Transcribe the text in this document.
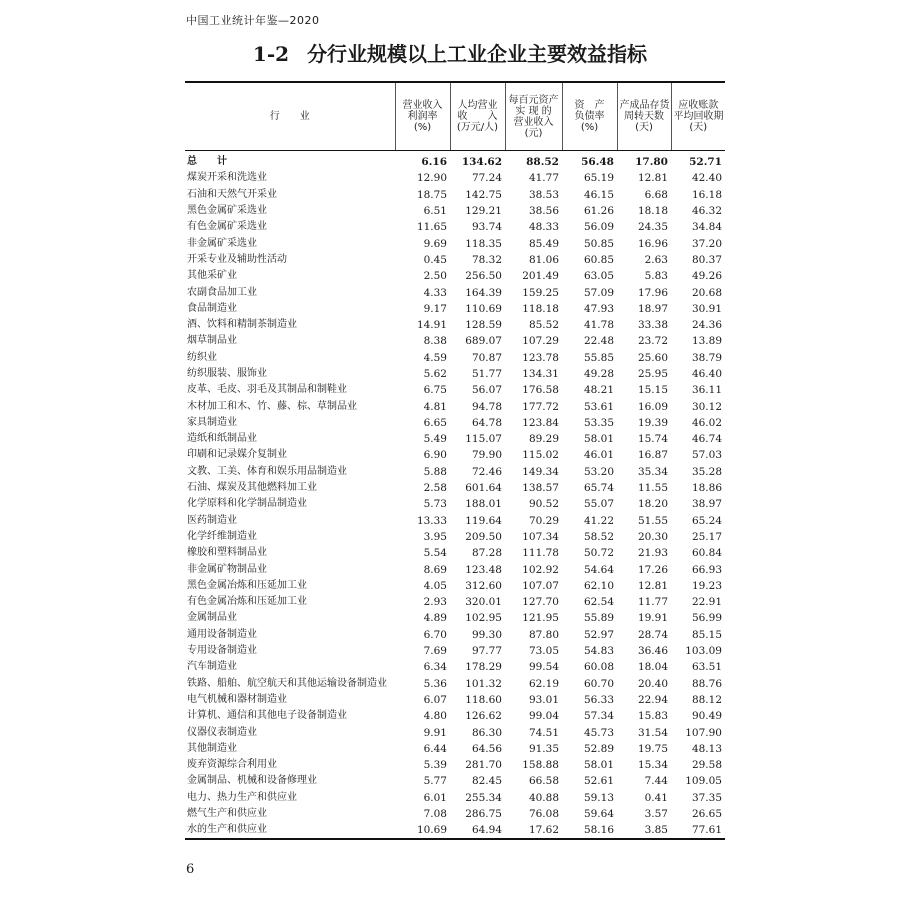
中国工业统计年鉴—2020
1-2 分行业规模以上工业企业主要效益指标
行　　业	营业收入
利润率
(%)	人均营业
收　　入
(万元/人)	每百元资产
实 现 的
营业收入
(元)	资　产
负债率
(%)	产成品存货
周转天数
(天)	应收账款
平均回收期
(天)

总　　计	6.16	134.62	88.52	56.48	17.80	52.71
煤炭开采和洗选业	12.90	77.24	41.77	65.19	12.81	42.40
石油和天然气开采业	18.75	142.75	38.53	46.15	6.68	16.18
黑色金属矿采选业	6.51	129.21	38.56	61.26	18.18	46.32
有色金属矿采选业	11.65	93.74	48.33	56.09	24.35	34.84
非金属矿采选业	9.69	118.35	85.49	50.85	16.96	37.20
开采专业及辅助性活动	0.45	78.32	81.06	60.85	2.63	80.37
其他采矿业	2.50	256.50	201.49	63.05	5.83	49.26
农副食品加工业	4.33	164.39	159.25	57.09	17.96	20.68
食品制造业	9.17	110.69	118.18	47.93	18.97	30.91
酒、饮料和精制茶制造业	14.91	128.59	85.52	41.78	33.38	24.36
烟草制品业	8.38	689.07	107.29	22.48	23.72	13.89
纺织业	4.59	70.87	123.78	55.85	25.60	38.79
纺织服装、服饰业	5.62	51.77	134.31	49.28	25.95	46.40
皮革、毛皮、羽毛及其制品和制鞋业	6.75	56.07	176.58	48.21	15.15	36.11
木材加工和木、竹、藤、棕、草制品业	4.81	94.78	177.72	53.61	16.09	30.12
家具制造业	6.65	64.78	123.84	53.35	19.39	46.02
造纸和纸制品业	5.49	115.07	89.29	58.01	15.74	46.74
印刷和记录媒介复制业	6.90	79.90	115.02	46.01	16.87	57.03
文教、工美、体育和娱乐用品制造业	5.88	72.46	149.34	53.20	35.34	35.28
石油、煤炭及其他燃料加工业	2.58	601.64	138.57	65.74	11.55	18.86
化学原料和化学制品制造业	5.73	188.01	90.52	55.07	18.20	38.97
医药制造业	13.33	119.64	70.29	41.22	51.55	65.24
化学纤维制造业	3.95	209.50	107.34	58.52	20.30	25.17
橡胶和塑料制品业	5.54	87.28	111.78	50.72	21.93	60.84
非金属矿物制品业	8.69	123.48	102.92	54.64	17.26	66.93
黑色金属冶炼和压延加工业	4.05	312.60	107.07	62.10	12.81	19.23
有色金属冶炼和压延加工业	2.93	320.01	127.70	62.54	11.77	22.91
金属制品业	4.89	102.95	121.95	55.89	19.91	56.99
通用设备制造业	6.70	99.30	87.80	52.97	28.74	85.15
专用设备制造业	7.69	97.77	73.05	54.83	36.46	103.09
汽车制造业	6.34	178.29	99.54	60.08	18.04	63.51
铁路、船舶、航空航天和其他运输设备制造业	5.36	101.32	62.19	60.70	20.40	88.76
电气机械和器材制造业	6.07	118.60	93.01	56.33	22.94	88.12
计算机、通信和其他电子设备制造业	4.80	126.62	99.04	57.34	15.83	90.49
仪器仪表制造业	9.91	86.30	74.51	45.73	31.54	107.90
其他制造业	6.44	64.56	91.35	52.89	19.75	48.13
废弃资源综合利用业	5.39	281.70	158.88	58.01	15.34	29.58
金属制品、机械和设备修理业	5.77	82.45	66.58	52.61	7.44	109.05
电力、热力生产和供应业	6.01	255.34	40.88	59.13	0.41	37.35
燃气生产和供应业	7.08	286.75	76.08	59.64	3.57	26.65
水的生产和供应业	10.69	64.94	17.62	58.16	3.85	77.61
6
